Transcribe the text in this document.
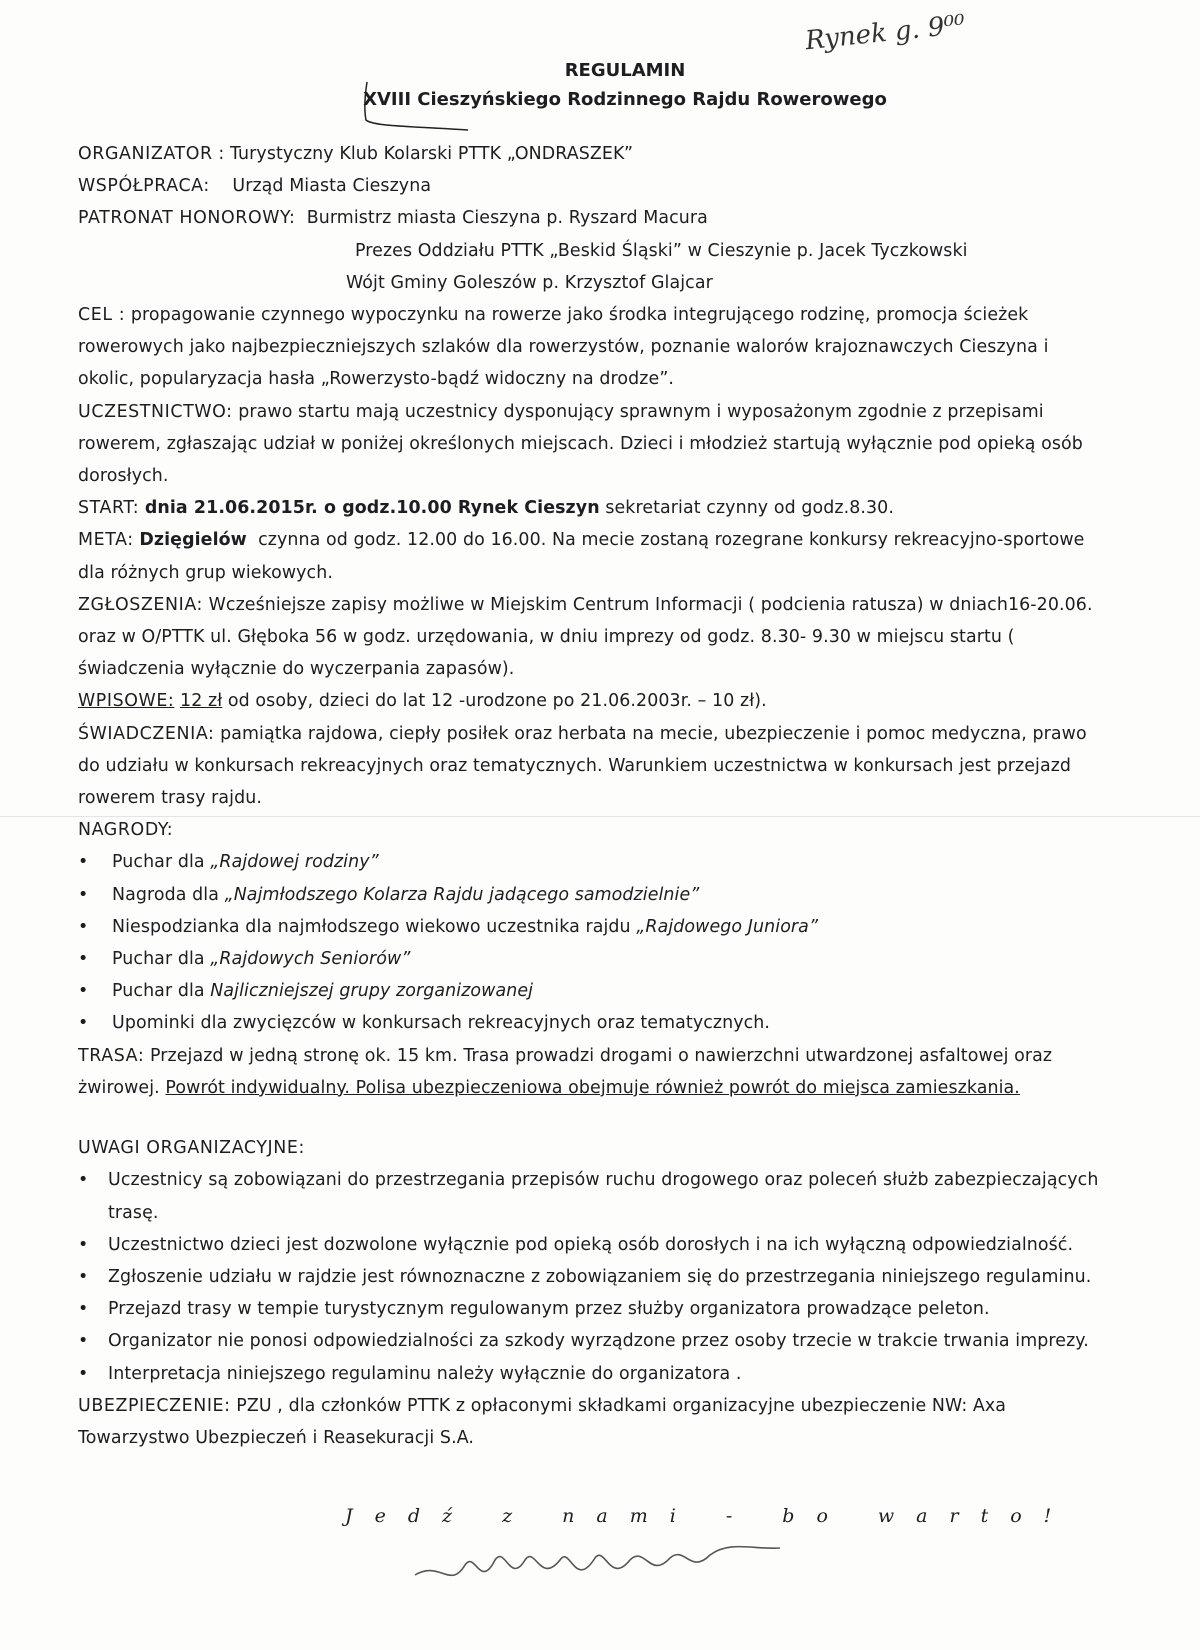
Rynek g. 9⁰⁰
REGULAMIN
XVIII Cieszyńskiego Rodzinnego Rajdu Rowerowego

ORGANIZATOR : Turystyczny Klub Kolarski PTTK „ONDRASZEK”

WSPÓŁPRACA: Urząd Miasta Cieszyna

PATRONAT HONOROWY: Burmistrz miasta Cieszyna p. Ryszard Macura

Prezes Oddziału PTTK „Beskid Śląski” w Cieszynie p. Jacek Tyczkowski

Wójt Gminy Goleszów p. Krzysztof Glajcar

CEL : propagowanie czynnego wypoczynku na rowerze jako środka integrującego rodzinę, promocja ścieżek rowerowych jako najbezpieczniejszych szlaków dla rowerzystów, poznanie walorów krajoznawczych Cieszyna i okolic, popularyzacja hasła „Rowerzysto-bądź widoczny na drodze”.

UCZESTNICTWO: prawo startu mają uczestnicy dysponujący sprawnym i wyposażonym zgodnie z przepisami rowerem, zgłaszając udział w poniżej określonych miejscach. Dzieci i młodzież startują wyłącznie pod opieką osób dorosłych.

START: dnia 21.06.2015r. o godz.10.00 Rynek Cieszyn sekretariat czynny od godz.8.30.

META: Dzięgielów czynna od godz. 12.00 do 16.00. Na mecie zostaną rozegrane konkursy rekreacyjno-sportowe dla różnych grup wiekowych.

ZGŁOSZENIA: Wcześniejsze zapisy możliwe w Miejskim Centrum Informacji ( podcienia ratusza) w dniach16-20.06. oraz w O/PTTK ul. Głęboka 56 w godz. urzędowania, w dniu imprezy od godz. 8.30- 9.30 w miejscu startu ( świadczenia wyłącznie do wyczerpania zapasów).

WPISOWE: 12 zł od osoby, dzieci do lat 12 -urodzone po 21.06.2003r. – 10 zł).

ŚWIADCZENIA: pamiątka rajdowa, ciepły posiłek oraz herbata na mecie, ubezpieczenie i pomoc medyczna, prawo do udziału w konkursach rekreacyjnych oraz tematycznych. Warunkiem uczestnictwa w konkursach jest przejazd rowerem trasy rajdu.

NAGRODY:

• Puchar dla „Rajdowej rodziny”
• Nagroda dla „Najmłodszego Kolarza Rajdu jadącego samodzielnie”
• Niespodzianka dla najmłodszego wiekowo uczestnika rajdu „Rajdowego Juniora”
• Puchar dla „Rajdowych Seniorów”
• Puchar dla Najliczniejszej grupy zorganizowanej
• Upominki dla zwycięzców w konkursach rekreacyjnych oraz tematycznych.

TRASA: Przejazd w jedną stronę ok. 15 km. Trasa prowadzi drogami o nawierzchni utwardzonej asfaltowej oraz żwirowej. Powrót indywidualny. Polisa ubezpieczeniowa obejmuje również powrót do miejsca zamieszkania.

UWAGI ORGANIZACYJNE:

• Uczestnicy są zobowiązani do przestrzegania przepisów ruchu drogowego oraz poleceń służb zabezpieczających trasę.
• Uczestnictwo dzieci jest dozwolone wyłącznie pod opieką osób dorosłych i na ich wyłączną odpowiedzialność.
• Zgłoszenie udziału w rajdzie jest równoznaczne z zobowiązaniem się do przestrzegania niniejszego regulaminu.
• Przejazd trasy w tempie turystycznym regulowanym przez służby organizatora prowadzące peleton.
• Organizator nie ponosi odpowiedzialności za szkody wyrządzone przez osoby trzecie w trakcie trwania imprezy.
• Interpretacja niniejszego regulaminu należy wyłącznie do organizatora .

UBEZPIECZENIE: PZU , dla członków PTTK z opłaconymi składkami organizacyjne ubezpieczenie NW: Axa Towarzystwo Ubezpieczeń i Reasekuracji S.A.

Jedź z nami - bo warto!
